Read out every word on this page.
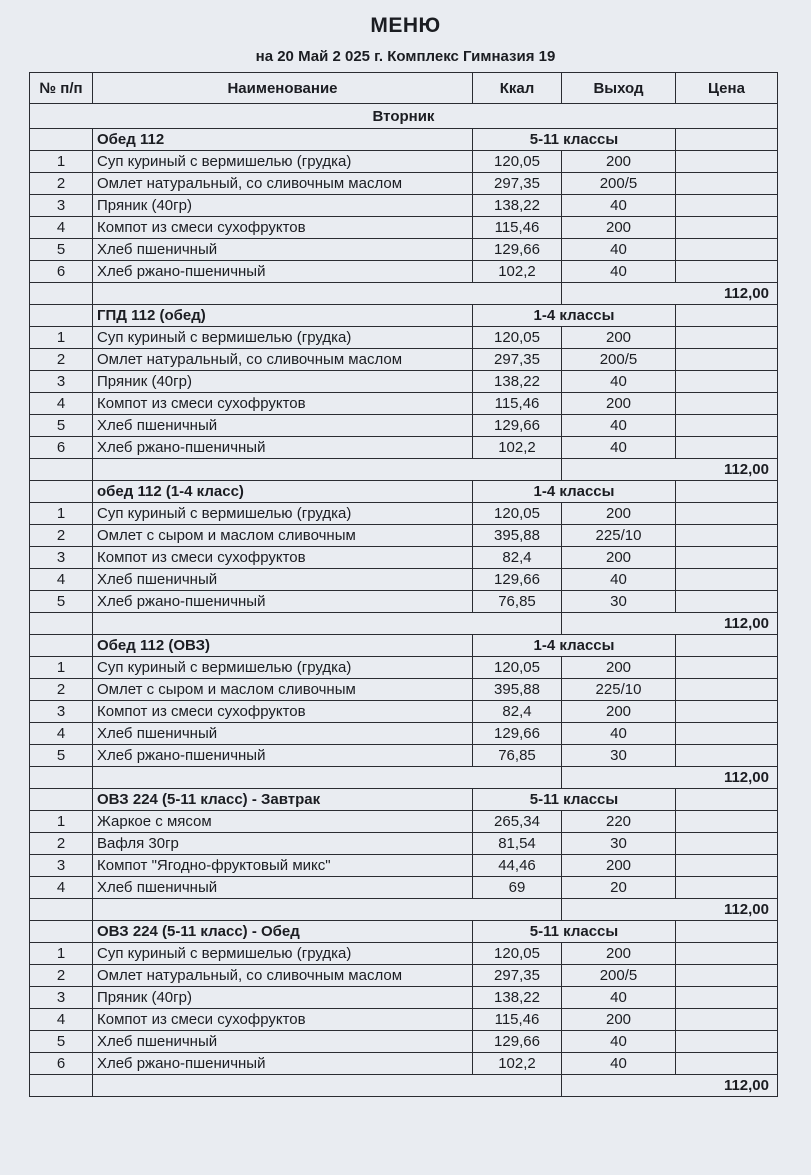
МЕНЮ
на 20 Май 2 025 г. Комплекс Гимназия 19
№ п/п	Наименование	Ккал	Выход	Цена
Вторник				
	Обед 112	5-11 классы		
1	Суп куриный с вермишелью (грудка)	120,05	200	
2	Омлет натуральный, со сливочным маслом	297,35	200/5	
3	Пряник (40гр)	138,22	40	
4	Компот из смеси сухофруктов	115,46	200	
5	Хлеб пшеничный	129,66	40	
6	Хлеб ржано-пшеничный	102,2	40	
			112,00	
	ГПД 112 (обед)	1-4 классы		
1	Суп куриный с вермишелью (грудка)	120,05	200	
2	Омлет натуральный, со сливочным маслом	297,35	200/5	
3	Пряник (40гр)	138,22	40	
4	Компот из смеси сухофруктов	115,46	200	
5	Хлеб пшеничный	129,66	40	
6	Хлеб ржано-пшеничный	102,2	40	
			112,00	
	обед 112 (1-4 класс)	1-4 классы		
1	Суп куриный с вермишелью (грудка)	120,05	200	
2	Омлет с сыром и маслом сливочным	395,88	225/10	
3	Компот из смеси сухофруктов	82,4	200	
4	Хлеб пшеничный	129,66	40	
5	Хлеб ржано-пшеничный	76,85	30	
			112,00	
	Обед 112 (ОВЗ)	1-4 классы		
1	Суп куриный с вермишелью (грудка)	120,05	200	
2	Омлет с сыром и маслом сливочным	395,88	225/10	
3	Компот из смеси сухофруктов	82,4	200	
4	Хлеб пшеничный	129,66	40	
5	Хлеб ржано-пшеничный	76,85	30	
			112,00	
	ОВЗ 224 (5-11 класс) - Завтрак	5-11 классы		
1	Жаркое с мясом	265,34	220	
2	Вафля 30гр	81,54	30	
3	Компот "Ягодно-фруктовый микс"	44,46	200	
4	Хлеб пшеничный	69	20	
			112,00	
	ОВЗ 224 (5-11 класс) - Обед	5-11 классы		
1	Суп куриный с вермишелью (грудка)	120,05	200	
2	Омлет натуральный, со сливочным маслом	297,35	200/5	
3	Пряник (40гр)	138,22	40	
4	Компот из смеси сухофруктов	115,46	200	
5	Хлеб пшеничный	129,66	40	
6	Хлеб ржано-пшеничный	102,2	40	
			112,00	
